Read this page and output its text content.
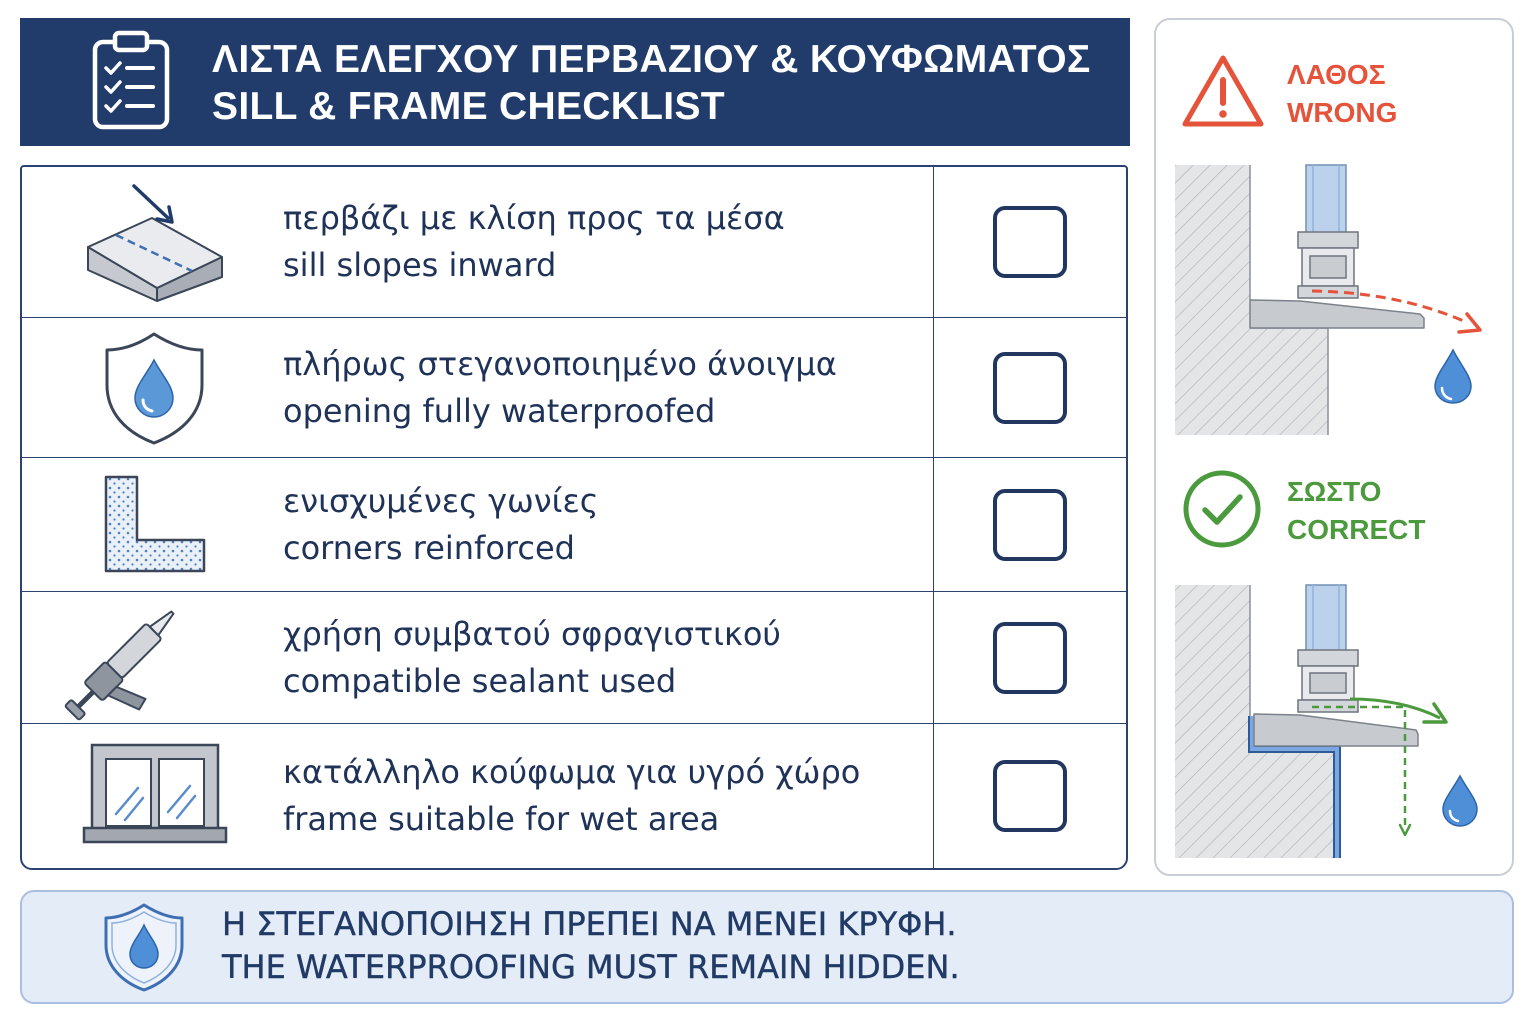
ΛΙΣΤΑ ΕΛΕΓΧΟΥ ΠΕΡΒΑΖΙΟΥ & ΚΟΥΦΩΜΑΤΟΣ
SILL & FRAME CHECKLIST
περβάζι με κλίση προς τα μέσα
sill slopes inward
πλήρως στεγανοποιημένο άνοιγμα
opening fully waterproofed
ενισχυμένες γωνίες
corners reinforced
χρήση συμβατού σφραγιστικού
compatible sealant used
κατάλληλο κούφωμα για υγρό χώρο
frame suitable for wet area
ΛΑΘΟΣ
WRONG
ΣΩΣΤΟ
CORRECT
Η ΣΤΕΓΑΝΟΠΟΙΗΣΗ ΠΡΕΠΕΙ ΝΑ ΜΕΝΕΙ ΚΡΥΦΗ.
THE WATERPROOFING MUST REMAIN HIDDEN.
